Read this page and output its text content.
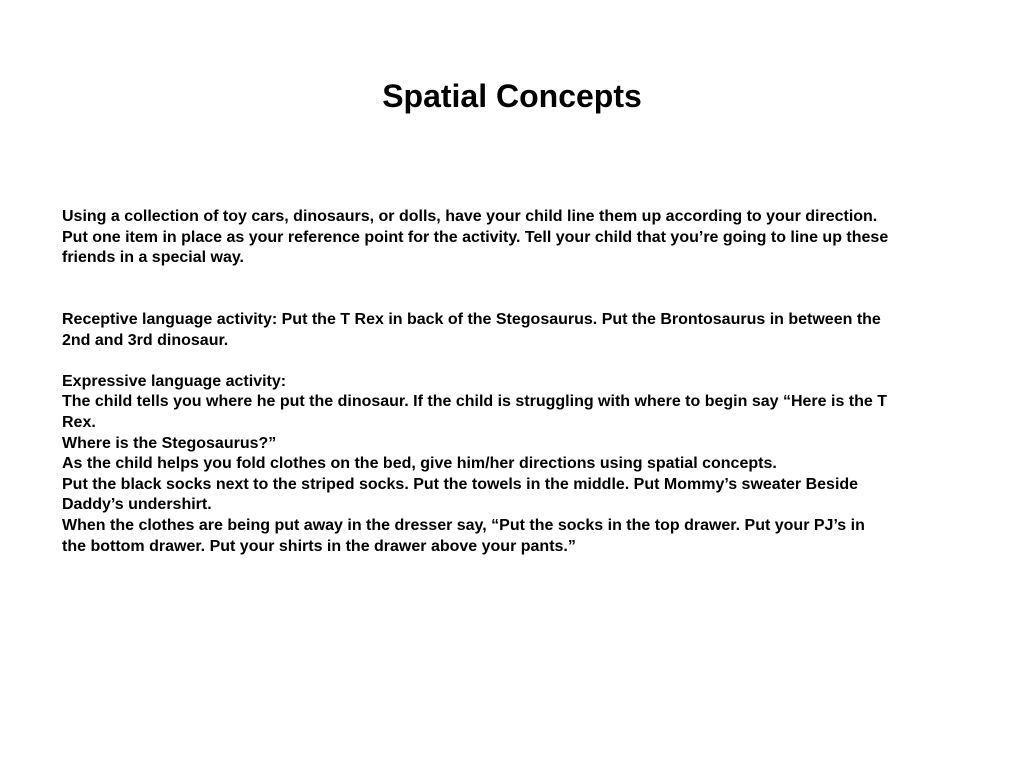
Spatial Concepts

Using a collection of toy cars, dinosaurs, or dolls, have your child line them up according to your direction. Put one item in place as your reference point for the activity. Tell your child that you’re going to line up these friends in a special way.

Receptive language activity: Put the T Rex in back of the Stegosaurus. Put the Brontosaurus in between the 2nd and 3rd dinosaur.

Expressive language activity:

The child tells you where he put the dinosaur. If the child is struggling with where to begin say “Here is the T Rex.

Where is the Stegosaurus?”

As the child helps you fold clothes on the bed, give him/her directions using spatial concepts.

Put the black socks next to the striped socks. Put the towels in the middle. Put Mommy’s sweater Beside Daddy’s undershirt.

When the clothes are being put away in the dresser say, “Put the socks in the top drawer. Put your PJ’s in the bottom drawer. Put your shirts in the drawer above your pants.”
